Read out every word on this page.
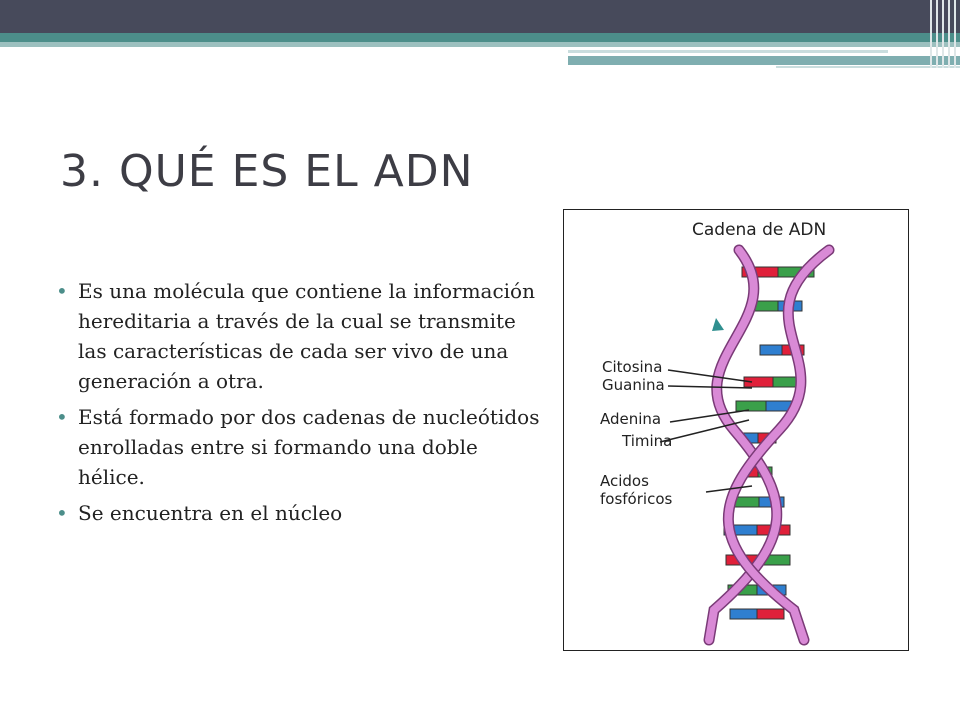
3. QUÉ ES EL ADN
• Es una molécula que contiene la información hereditaria a través de la cual se transmite las características de cada ser vivo de una generación a otra.
• Está formado por dos cadenas de nucleótidos enrolladas entre si formando una doble hélice.
• Se encuentra en el núcleo
Cadena de ADN
Citosina
Guanina
Adenina
Timina
Acidos
fosfóricos
